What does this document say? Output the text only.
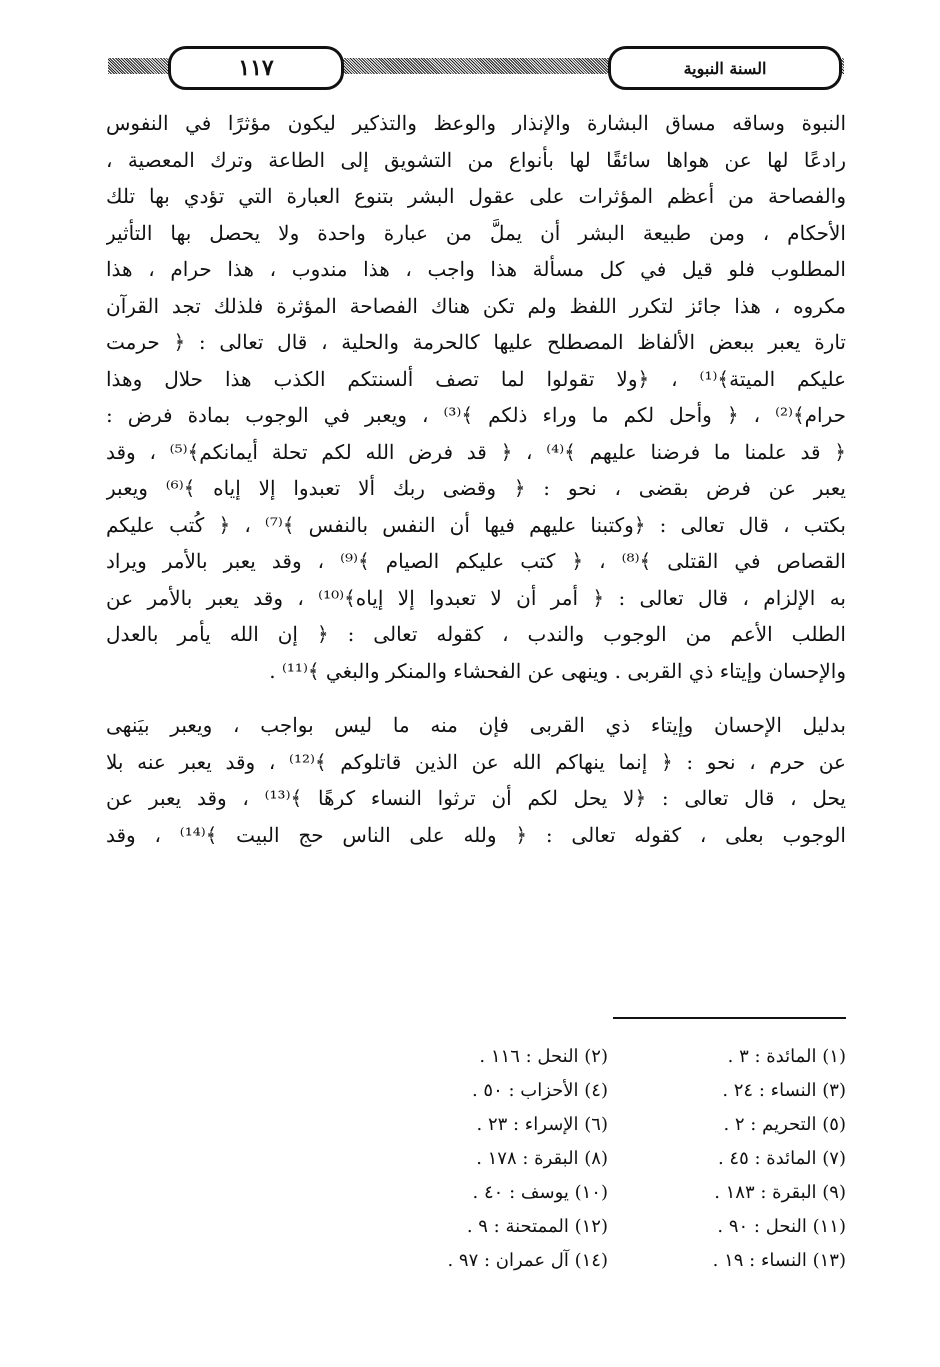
١١٧	السنة النبوية
النبوة وساقه مساق البشارة والإنذار والوعظ والتذكير ليكون مؤثرًا في النفوس
رادعًا لها عن هواها سائقًا لها بأنواع من التشويق إلى الطاعة وترك المعصية ،
والفصاحة من أعظم المؤثرات على عقول البشر بتنوع العبارة التي تؤدي بها تلك
الأحكام ، ومن طبيعة البشر أن يملَّ من عبارة واحدة ولا يحصل بها التأثير
المطلوب فلو قيل في كل مسألة هذا واجب ، هذا مندوب ، هذا حرام ، هذا
مكروه ، هذا جائز لتكرر اللفظ ولم تكن هناك الفصاحة المؤثرة فلذلك تجد القرآن
تارة يعبر ببعض الألفاظ المصطلح عليها كالحرمة والحلية ، قال تعالى : ﴿ حرمت
عليكم الميتة﴾⁽¹⁾ ، ﴿ولا تقولوا لما تصف ألسنتكم الكذب هذا حلال وهذا
حرام﴾⁽²⁾ ، ﴿ وأحل لكم ما وراء ذلكم ﴾⁽³⁾ ، ويعبر في الوجوب بمادة فرض :
﴿ قد علمنا ما فرضنا عليهم ﴾⁽⁴⁾ ، ﴿ قد فرض الله لكم تحلة أيمانكم﴾⁽⁵⁾ ، وقد
يعبر عن فرض بقضى ، نحو : ﴿ وقضى ربك ألا تعبدوا إلا إياه ﴾⁽⁶⁾ ويعبر
بكتب ، قال تعالى : ﴿وكتبنا عليهم فيها أن النفس بالنفس ﴾⁽⁷⁾ ، ﴿ كُتب عليكم
القصاص في القتلى ﴾⁽⁸⁾ ، ﴿ كتب عليكم الصيام ﴾⁽⁹⁾ ، وقد يعبر بالأمر ويراد
به الإلزام ، قال تعالى : ﴿ أمر أن لا تعبدوا إلا إياه﴾⁽¹⁰⁾ ، وقد يعبر بالأمر عن
الطلب الأعم من الوجوب والندب ، كقوله تعالى : ﴿ إن الله يأمر بالعدل
والإحسان وإيتاء ذي القربى . وينهى عن الفحشاء والمنكر والبغي ﴾⁽¹¹⁾ .
بدليل الإحسان وإيتاء ذي القربى فإن منه ما ليس بواجب ، ويعبر بيَنهى
عن حرم ، نحو : ﴿ إنما ينهاكم الله عن الذين قاتلوكم ﴾⁽¹²⁾ ، وقد يعبر عنه بلا
يحل ، قال تعالى : ﴿لا يحل لكم أن ترثوا النساء كرهًا ﴾⁽¹³⁾ ، وقد يعبر عن
الوجوب بعلى ، كقوله تعالى : ﴿ ولله على الناس حج البيت ﴾⁽¹⁴⁾ ، وقد
(١) المائدة : ٣ .
(٢) النحل : ١١٦ .
(٣) النساء : ٢٤ .
(٤) الأحزاب : ٥٠ .
(٥) التحريم : ٢ .
(٦) الإسراء : ٢٣ .
(٧) المائدة : ٤٥ .
(٨) البقرة : ١٧٨ .
(٩) البقرة : ١٨٣ .
(١٠) يوسف : ٤٠ .
(١١) النحل : ٩٠ .
(١٢) الممتحنة : ٩ .
(١٣) النساء : ١٩ .
(١٤) آل عمران : ٩٧ .
